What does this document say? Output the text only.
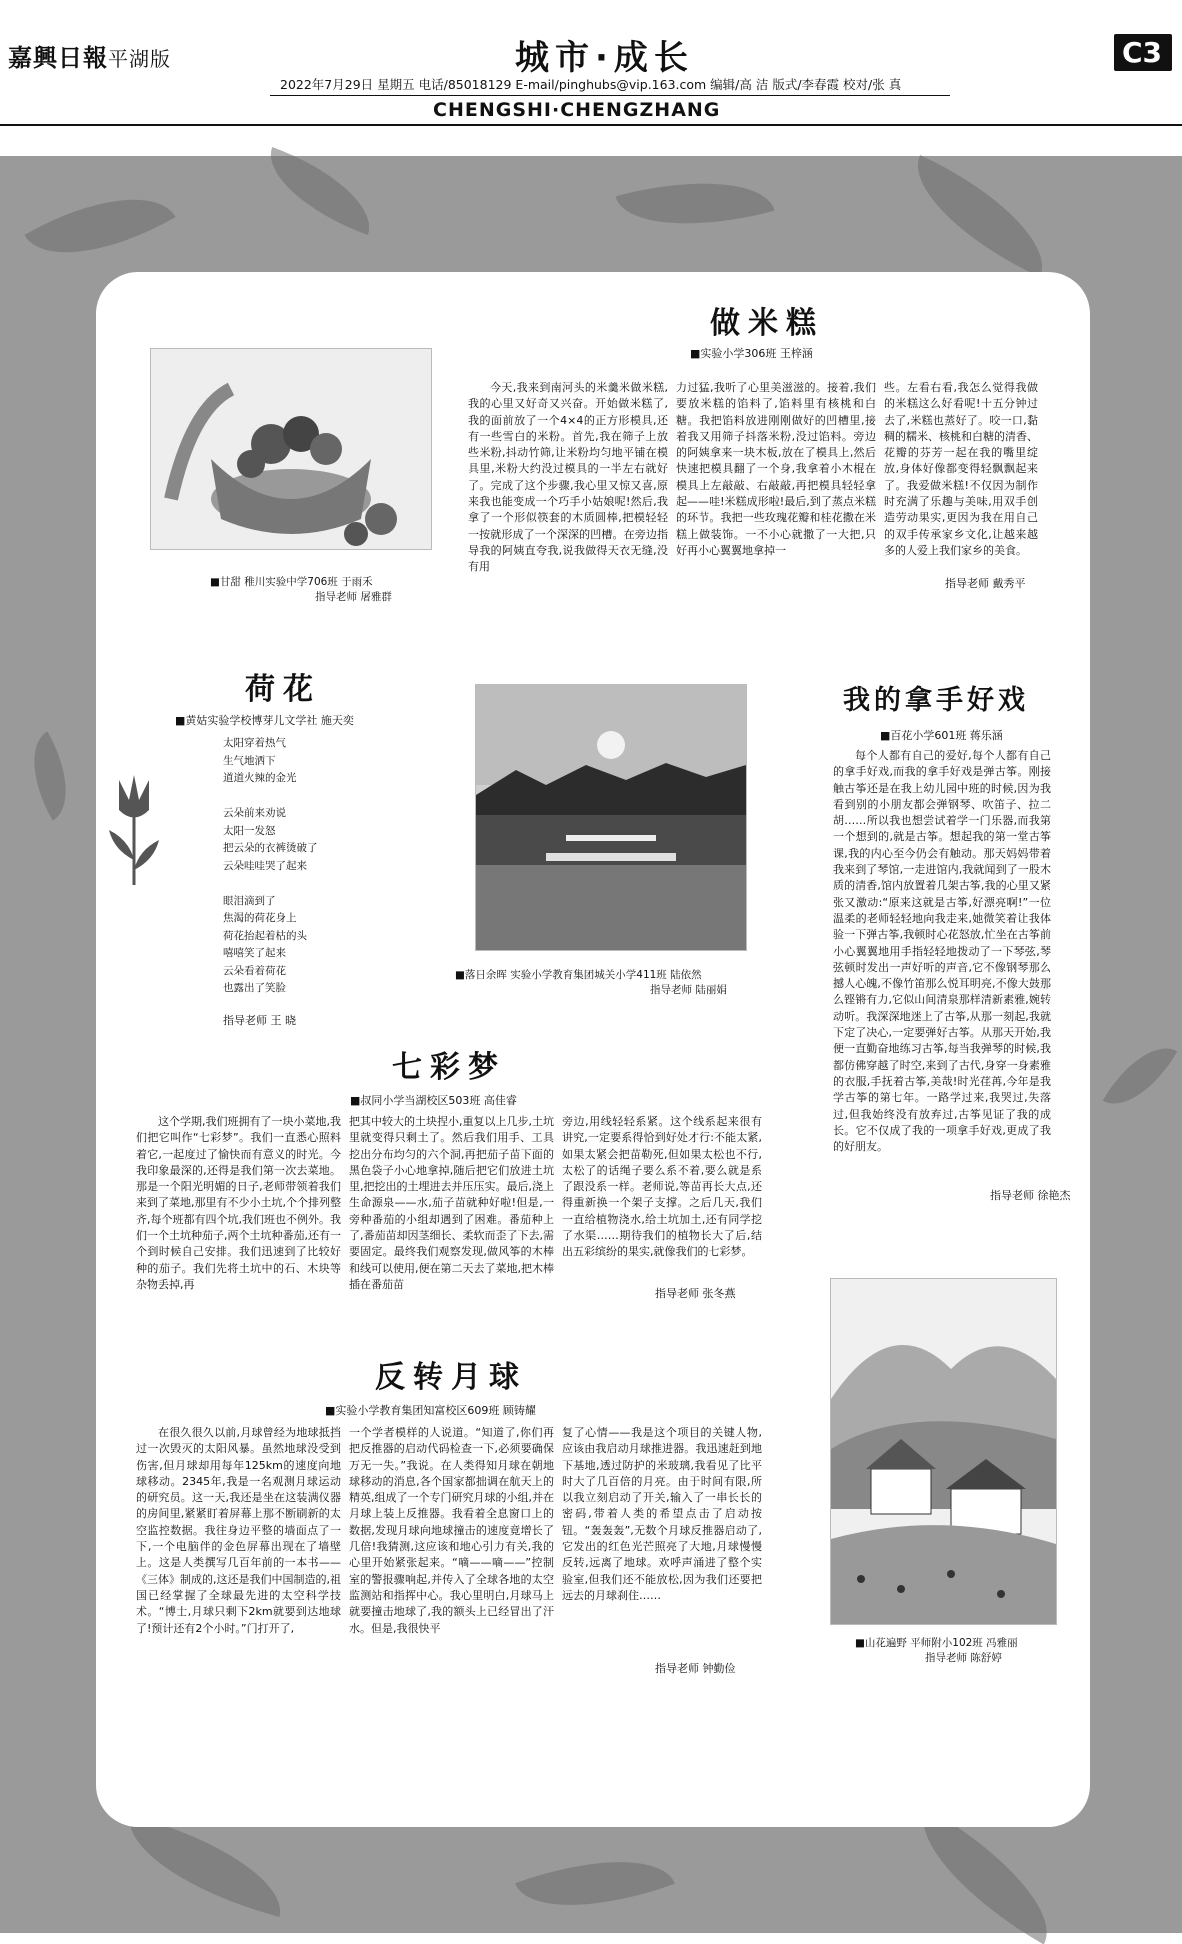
嘉興日報平湖版	城市·成长	C3
2022年7月29日 星期五 电话/85018129 E-mail/pinghubs@vip.163.com 编辑/高 洁 版式/李春霞 校对/张 真
CHENGSHI·CHENGZHANG
做米糕
■实验小学306班 王梓涵
今天,我来到南河头的米羹米做米糕,我的心里又好奇又兴奋。开始做米糕了,我的面前放了一个4×4的正方形模具,还有一些雪白的米粉。首先,我在筛子上放些米粉,抖动竹筛,让米粉均匀地平铺在模具里,米粉大约没过模具的一半左右就好了。完成了这个步骤,我心里又惊又喜,原来我也能变成一个巧手小姑娘呢!然后,我拿了一个形似筷套的木质圆棒,把模轻轻一按就形成了一个深深的凹槽。在旁边指导我的阿姨直夸我,说我做得天衣无缝,没有用
力过猛,我听了心里美滋滋的。接着,我们要放米糕的馅料了,馅料里有核桃和白糖。我把馅料放进刚刚做好的凹槽里,接着我又用筛子抖落米粉,没过馅料。旁边的阿姨拿来一块木板,放在了模具上,然后快速把模具翻了一个身,我拿着小木棍在模具上左敲敲、右敲敲,再把模具轻轻拿起——哇!米糕成形啦!最后,到了蒸点米糕的环节。我把一些玫瑰花瓣和桂花撒在米糕上做装饰。一不小心就撒了一大把,只好再小心翼翼地拿掉一
些。左看右看,我怎么觉得我做的米糕这么好看呢!十五分钟过去了,米糕也蒸好了。咬一口,黏稠的糯米、核桃和白糖的清香、花瓣的芬芳一起在我的嘴里绽放,身体好像都变得轻飘飘起来了。我爱做米糕!不仅因为制作时充满了乐趣与美味,用双手创造劳动果实,更因为我在用自己的双手传承家乡文化,让越来越多的人爱上我们家乡的美食。
指导老师 戴秀平
■甘甜 稚川实验中学706班 于雨禾
指导老师 屠雅群
荷花
■黄姑实验学校博芽儿文学社 施天奕
太阳穿着热气
生气地洒下
道道火辣的金光

云朵前来劝说
太阳一发怒
把云朵的衣裤烫破了
云朵哇哇哭了起来

眼泪滴到了
焦渴的荷花身上
荷花抬起着枯的头
嘻嘻笑了起来
云朵看着荷花
也露出了笑脸
指导老师 王 晓
■落日余晖 实验小学教育集团城关小学411班 陆依然
指导老师 陆丽娟
我的拿手好戏
■百花小学601班 蒋乐涵
每个人都有自己的爱好,每个人都有自己的拿手好戏,而我的拿手好戏是弹古筝。刚接触古筝还是在我上幼儿园中班的时候,因为我看到别的小朋友都会弹钢琴、吹笛子、拉二胡……所以我也想尝试着学一门乐器,而我第一个想到的,就是古筝。想起我的第一堂古筝课,我的内心至今仍会有触动。那天妈妈带着我来到了琴馆,一走进馆内,我就闻到了一股木质的清香,馆内放置着几架古筝,我的心里又紧张又激动:“原来这就是古筝,好漂亮啊!”一位温柔的老师轻轻地向我走来,她微笑着让我体验一下弹古筝,我顿时心花怒放,忙坐在古筝前小心翼翼地用手指轻轻地拨动了一下琴弦,琴弦顿时发出一声好听的声音,它不像钢琴那么撼人心魄,不像竹笛那么悦耳明亮,不像大鼓那么铿锵有力,它似山间清泉那样清新素雅,婉转动听。我深深地迷上了古筝,从那一刻起,我就下定了决心,一定要弹好古筝。从那天开始,我便一直勤奋地练习古筝,每当我弹琴的时候,我都仿佛穿越了时空,来到了古代,身穿一身素雅的衣服,手抚着古筝,美哉!时光荏苒,今年是我学古筝的第七年。一路学过来,我哭过,失落过,但我始终没有放弃过,古筝见证了我的成长。它不仅成了我的一项拿手好戏,更成了我的好朋友。
指导老师 徐艳杰
七彩梦
■叔同小学当湖校区503班 高佳睿
这个学期,我们班拥有了一块小菜地,我们把它叫作“七彩梦”。我们一直悉心照料着它,一起度过了愉快而有意义的时光。今我印象最深的,还得是我们第一次去菜地。那是一个阳光明媚的日子,老师带领着我们来到了菜地,那里有不少小土坑,个个排列整齐,每个班都有四个坑,我们班也不例外。我们一个土坑种茄子,两个土坑种番茄,还有一个到时候自己安排。我们迅速到了比较好种的茄子。我们先将土坑中的石、木块等杂物丢掉,再
把其中较大的土块捏小,重复以上几步,土坑里就变得只剩土了。然后我们用手、工具挖出分布均匀的六个洞,再把茄子苗下面的黑色袋子小心地拿掉,随后把它们放进土坑里,把挖出的土埋进去并压压实。最后,浇上生命源泉——水,茄子苗就种好啦!但是,一旁种番茄的小组却遇到了困难。番茄种上了,番茄苗却因茎细长、柔软而歪了下去,需要固定。最终我们观察发现,做风筝的木棒和线可以使用,便在第二天去了菜地,把木棒插在番茄苗
旁边,用线轻轻系紧。这个线系起来很有讲究,一定要系得恰到好处才行:不能太紧,如果太紧会把苗勒死,但如果太松也不行,太松了的话绳子要么系不着,要么就是系了跟没系一样。老师说,等苗再长大点,还得重新换一个架子支撑。之后几天,我们一直给植物浇水,给土坑加土,还有同学挖了水渠……期待我们的植物长大了后,结出五彩缤纷的果实,就像我们的七彩梦。
指导老师 张冬燕
反转月球
■实验小学教育集团知富校区609班 顾铸耀
在很久很久以前,月球曾经为地球抵挡过一次毁灭的太阳风暴。虽然地球没受到伤害,但月球却用每年125km的速度向地球移动。2345年,我是一名观测月球运动的研究员。这一天,我还是坐在这装满仪器的房间里,紧紧盯着屏幕上那不断刷新的太空监控数据。我往身边平整的墙面点了一下,一个电脑伴的金色屏幕出现在了墙壁上。这是人类撰写几百年前的一本书——《三体》制成的,这还是我们中国制造的,祖国已经掌握了全球最先进的太空科学技术。“博士,月球只剩下2km就要到达地球了!预计还有2个小时。”门打开了,
一个学者模样的人说道。“知道了,你们再把反推器的启动代码检查一下,必须要确保万无一失。”我说。在人类得知月球在朝地球移动的消息,各个国家都拙调在航天上的精英,组成了一个专门研究月球的小组,并在月球上装上反推器。我看着全息窗口上的数据,发现月球向地球撞击的速度竟增长了几倍!我猜测,这应该和地心引力有关,我的心里开始紧张起来。“嘀——嘀——”控制室的警报骤响起,并传入了全球各地的太空监测站和指挥中心。我心里明白,月球马上就要撞击地球了,我的额头上已经冒出了汗水。但是,我很快平
复了心情——我是这个项目的关键人物,应该由我启动月球推进器。我迅速赶到地下基地,透过防护的米玻璃,我看见了比平时大了几百倍的月亮。由于时间有限,所以我立刻启动了开关,输入了一串长长的密码,带着人类的希望点击了启动按钮。“轰轰轰”,无数个月球反推器启动了,它发出的红色光芒照亮了大地,月球慢慢反转,远离了地球。欢呼声涌进了整个实验室,但我们还不能放松,因为我们还要把远去的月球刹住……
指导老师 钟勤俭
■山花遍野 平师附小102班 冯雅丽
指导老师 陈舒婷
